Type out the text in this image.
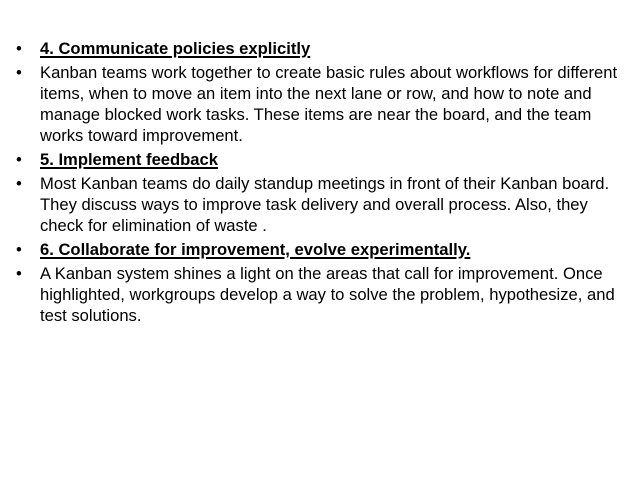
•	4. Communicate policies explicitly
•	Kanban teams work together to create basic rules about workflows for different items, when to move an item into the next lane or row, and how to note and manage blocked work tasks. These items are near the board, and the team works toward improvement.
•	5. Implement feedback
•	Most Kanban teams do daily standup meetings in front of their Kanban board. They discuss ways to improve task delivery and overall process. Also, they check for elimination of waste .
•	6. Collaborate for improvement, evolve experimentally.
•	A Kanban system shines a light on the areas that call for improvement. Once highlighted, workgroups develop a way to solve the problem, hypothesize, and test solutions.
